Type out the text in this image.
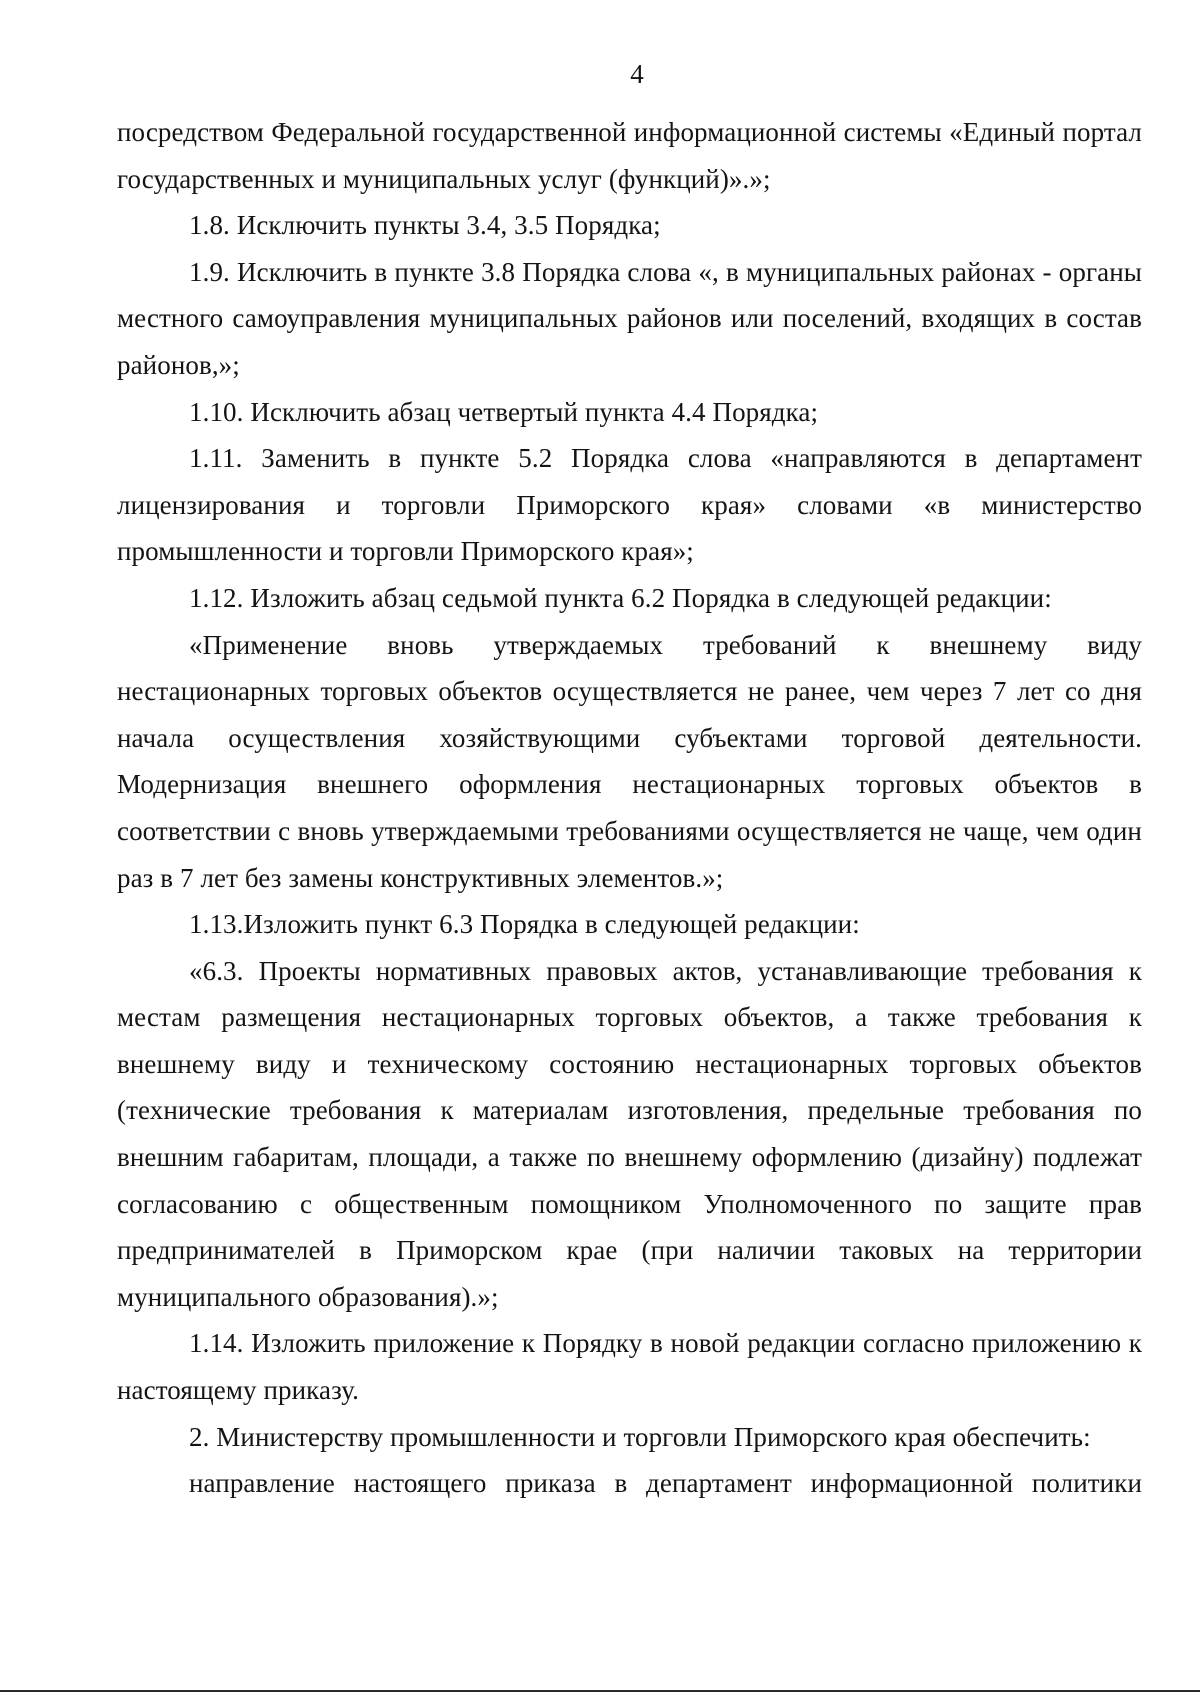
4

посредством Федеральной государственной информационной системы «Единый портал государственных и муниципальных услуг (функций)».»;

1.8. Исключить пункты 3.4, 3.5 Порядка;

1.9. Исключить в пункте 3.8 Порядка слова «, в муниципальных районах - органы местного самоуправления муниципальных районов или поселений, входящих в состав районов,»;

1.10. Исключить абзац четвертый пункта 4.4 Порядка;

1.11. Заменить в пункте 5.2 Порядка слова «направляются в департамент лицензирования и торговли Приморского края» словами «в министерство промышленности и торговли Приморского края»;

1.12. Изложить абзац седьмой пункта 6.2 Порядка в следующей редакции:

«Применение вновь утверждаемых требований к внешнему виду нестационарных торговых объектов осуществляется не ранее, чем через 7 лет со дня начала осуществления хозяйствующими субъектами торговой деятельности. Модернизация внешнего оформления нестационарных торговых объектов в соответствии с вновь утверждаемыми требованиями осуществляется не чаще, чем один раз в 7 лет без замены конструктивных элементов.»;

1.13.Изложить пункт 6.3 Порядка в следующей редакции:

«6.3. Проекты нормативных правовых актов, устанавливающие требования к местам размещения нестационарных торговых объектов, а также требования к внешнему виду и техническому состоянию нестационарных торговых объектов (технические требования к материалам изготовления, предельные требования по внешним габаритам, площади, а также по внешнему оформлению (дизайну) подлежат согласованию с общественным помощником Уполномоченного по защите прав предпринимателей в Приморском крае (при наличии таковых на территории муниципального образования).»;

1.14. Изложить приложение к Порядку в новой редакции согласно приложению к настоящему приказу.

2. Министерству промышленности и торговли Приморского края обеспечить:

направление настоящего приказа в департамент информационной политики
